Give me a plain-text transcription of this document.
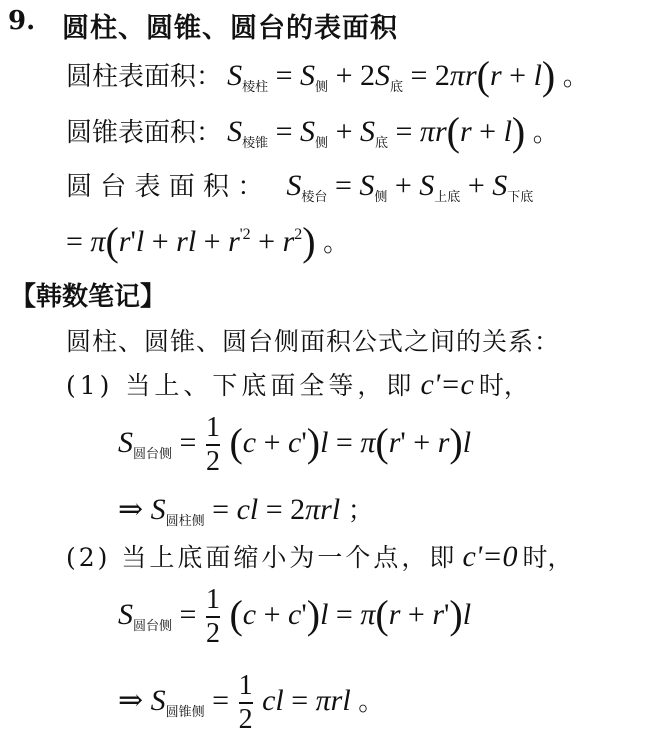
9. 圆柱、圆锥、圆台的表面积
圆柱表面积： $S_{棱柱} = S_侧 + 2S_底 = 2\pi r(r + l)$ 。
圆锥表面积： $S_{棱锥} = S_侧 + S_底 = \pi r(r + l)$ 。
圆 台 表 面 积 ： $S_{棱台} = S_侧 + S_{上底} + S_{下底}$
= π(r'l + rl + $r^{'2} + r^2$) 。
【韩数笔记】
圆柱、圆锥、圆台侧面积公式之间的关系：
(1) 当上、下底面全等，即 c'=c 时，
$S_{圆台侧} = \frac{1}{2} (c + c')l = \pi(r' + r)l$
⇒ $S_{圆柱侧}$ = cl = 2πrl ；
(2) 当上底面缩小为一个点，即 c'=0 时，
$S_{圆台侧} = \frac{1}{2} (c + c')l = \pi(r + r')l$
⇒ $S_{圆锥侧} = \frac{1}{2}$ cl = πrl 。
